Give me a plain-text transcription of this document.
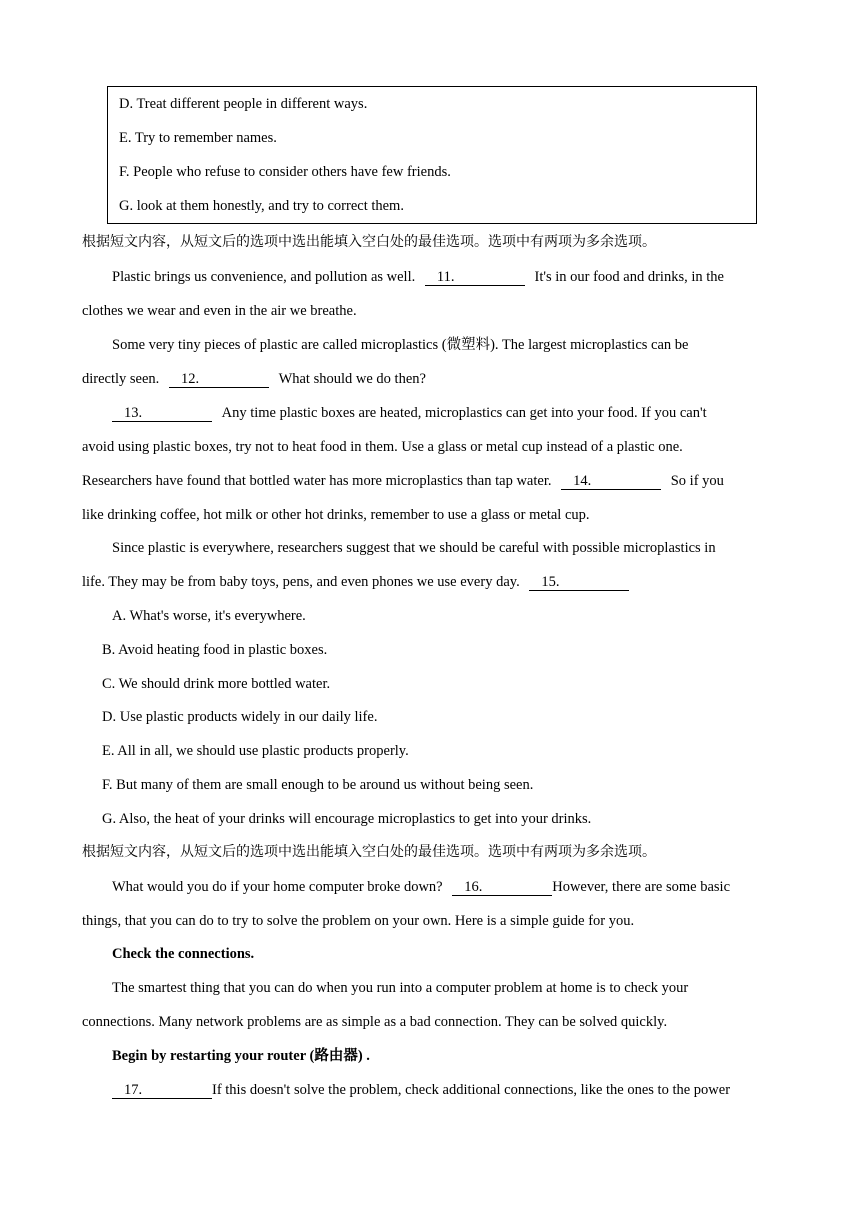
D. Treat different people in different ways.
E. Try to remember names.
F. People who refuse to consider others have few friends.
G. look at them honestly, and try to correct them.
根据短文内容，从短文后的选项中选出能填入空白处的最佳选项。选项中有两项为多余选项。
Plastic brings us convenience, and pollution as well. 11.	It's in our food and drinks, in the
clothes we wear and even in the air we breathe.
Some very tiny pieces of plastic are called microplastics (微塑料). The largest microplastics can be
directly seen. 12.	What should we do then?
13.	Any time plastic boxes are heated, microplastics can get into your food. If you can't
avoid using plastic boxes, try not to heat food in them. Use a glass or metal cup instead of a plastic one.
Researchers have found that bottled water has more microplastics than tap water. 14.	So if you
like drinking coffee, hot milk or other hot drinks, remember to use a glass or metal cup.
Since plastic is everywhere, researchers suggest that we should be careful with possible microplastics in
life. They may be from baby toys, pens, and even phones we use every day. 15.
A. What's worse, it's everywhere.
B. Avoid heating food in plastic boxes.
C. We should drink more bottled water.
D. Use plastic products widely in our daily life.
E. All in all, we should use plastic products properly.
F. But many of them are small enough to be around us without being seen.
G. Also, the heat of your drinks will encourage microplastics to get into your drinks.
根据短文内容，从短文后的选项中选出能填入空白处的最佳选项。选项中有两项为多余选项。
What would you do if your home computer broke down? 16.	However, there are some basic
things, that you can do to try to solve the problem on your own. Here is a simple guide for you.
Check the connections.
The smartest thing that you can do when you run into a computer problem at home is to check your
connections. Many network problems are as simple as a bad connection. They can be solved quickly.
Begin by restarting your router (路由器) .
17.	If this doesn't solve the problem, check additional connections, like the ones to the power
